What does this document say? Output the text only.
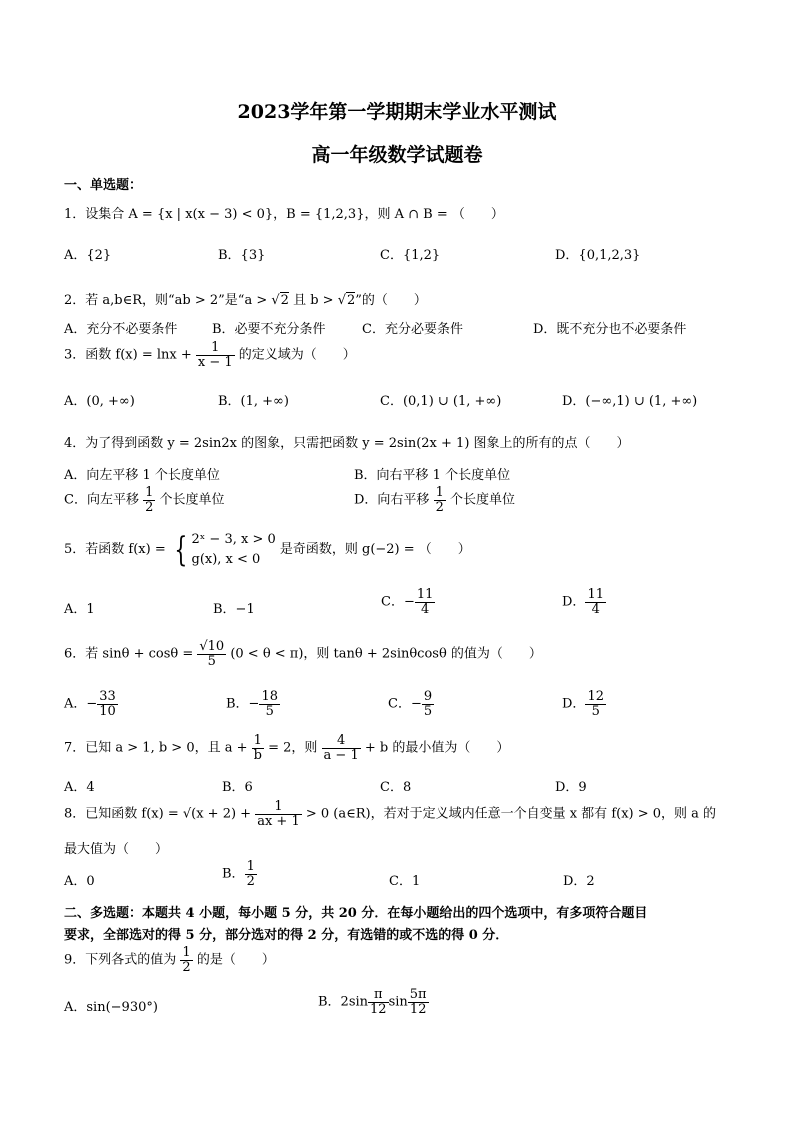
2023学年第一学期期末学业水平测试
高一年级数学试题卷
一、单选题：
1．设集合 A = {x | x(x − 3) < 0}，B = {1,2,3}，则 A ∩ B = （　　）
A．{2}	B．{3}	C．{1,2}	D．{0,1,2,3}
2．若 a,b∈R，则“ab > 2”是“a > √2 且 b > √2”的（　　）
A．充分不必要条件	B．必要不充分条件	C．充分必要条件	D．既不充分也不必要条件
3．函数 $f(x) = \ln x + \frac{1}{x - 1}$ 的定义域为（　　）
A．(0, +∞)	B．(1, +∞)	C．(0,1) ∪ (1, +∞)	D．(−∞,1) ∪ (1, +∞)
4．为了得到函数 y = 2sin2x 的图象，只需把函数 y = 2sin(2x + 1) 图象上的所有的点（　　）
A．向左平移 1 个长度单位	B．向右平移 1 个长度单位
C．向左平移 $\frac{1}{2}$ 个长度单位	D．向右平移 $\frac{1}{2}$ 个长度单位
5．若函数 f(x) = { 2ˣ − 3, x > 0
g(x), x < 0
是奇函数，则 g(−2) = （　　）
A．1	B．−1	C．− $\frac{11}{4}$	D． $\frac{11}{4}$
6．若 $\sin\theta + \cos\theta = \frac{√10}{5} (0 < \theta < \pi)$，则 tanθ + 2sinθcosθ 的值为（　　）
A．− $\frac{33}{10}$	B．− $\frac{18}{5}$	C．− $\frac{9}{5}$	D． $\frac{12}{5}$
7．已知 a > 1, b > 0，且 $a + \frac{1}{b} = 2$，则 $\frac{4}{a - 1} + b$ 的最小值为（　　）
A．4	B．6	C．8	D．9
8．已知函数 $f(x) = √(x + 2) + \frac{1}{ax + 1} > 0$ (a∈R)，若对于定义域内任意一个自变量 x 都有 f(x) > 0，则 a 的
最大值为（　　）
A．0	B． $\frac{1}{2}$	C．1	D．2
二、多选题：本题共 4 小题，每小题 5 分，共 20 分．在每小题给出的四个选项中，有多项符合题目
要求，全部选对的得 5 分，部分选对的得 2 分，有选错的或不选的得 0 分．
9．下列各式的值为 $\frac{1}{2}$ 的是（　　）
A．sin(−930°)	B．$2\sin \frac{\pi}{12}$ $\sin \frac{5\pi}{12}$
